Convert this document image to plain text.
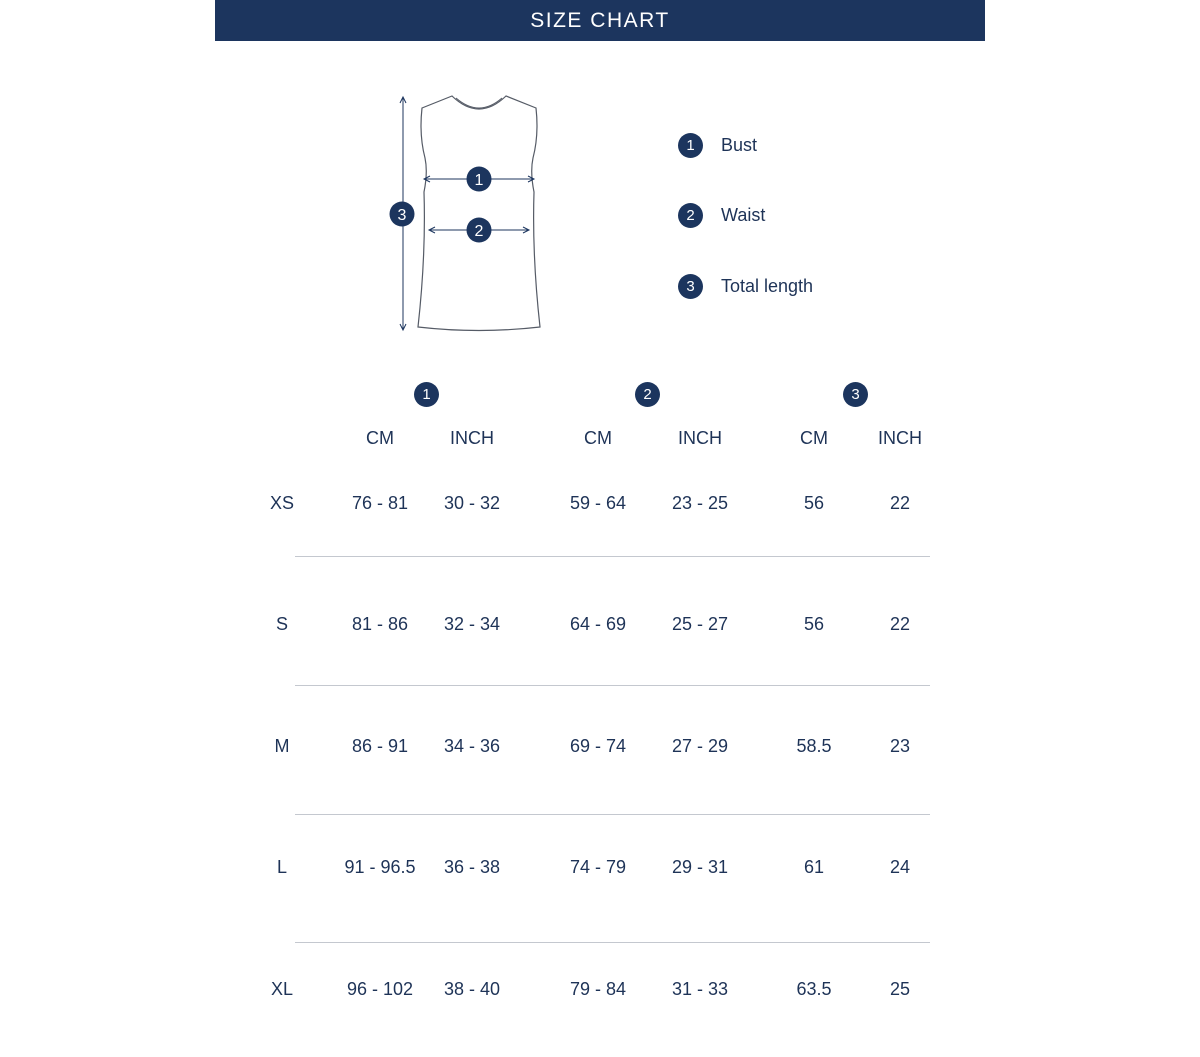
SIZE CHART
1
2
3
1	Bust
2	Waist
3	Total length
1	2	3
CM	INCH	CM	INCH	CM	INCH
XS	76 - 81	30 - 32	59 - 64	23 - 25	56	22
S	81 - 86	32 - 34	64 - 69	25 - 27	56	22
M	86 - 91	34 - 36	69 - 74	27 - 29	58.5	23
L	91 - 96.5	36 - 38	74 - 79	29 - 31	61	24
XL	96 - 102	38 - 40	79 - 84	31 - 33	63.5	25
